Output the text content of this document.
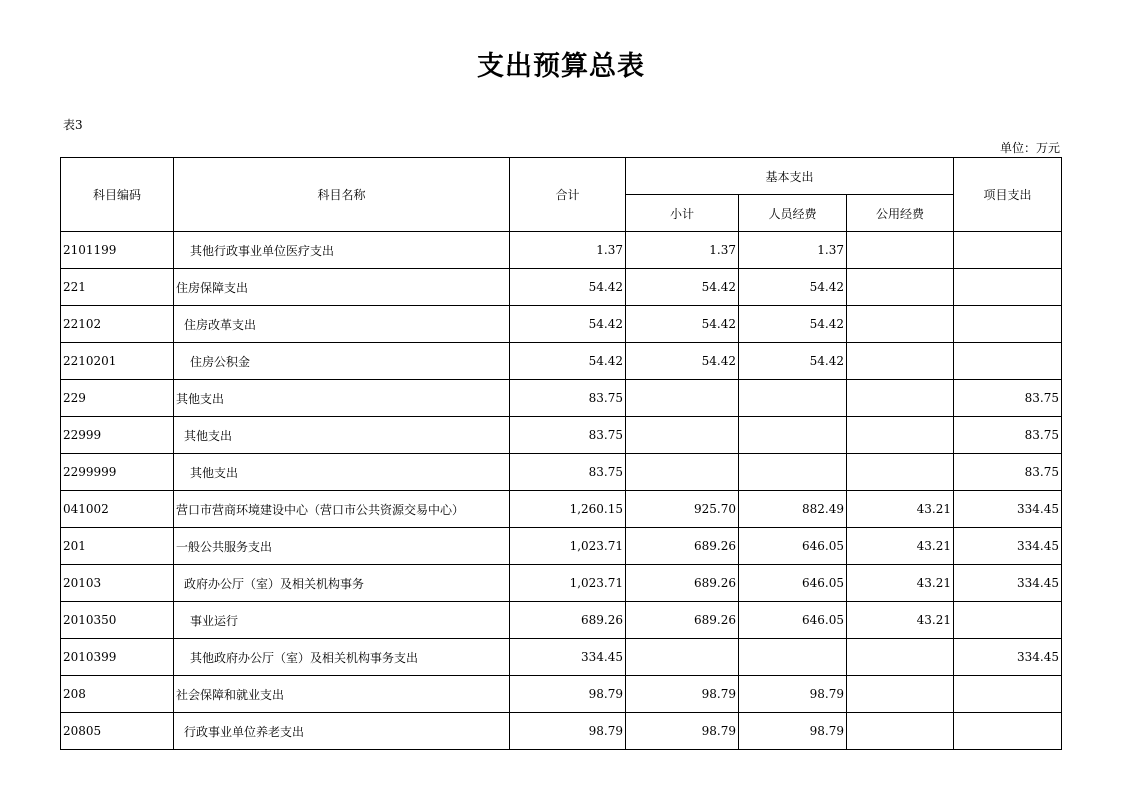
支出预算总表
表3
单位：万元
科目编码	科目名称	合计	基本支出			项目支出
			小计	人员经费	公用经费	
2101199	其他行政事业单位医疗支出	1.37	1.37	1.37		
221	住房保障支出	54.42	54.42	54.42		
22102	住房改革支出	54.42	54.42	54.42		
2210201	住房公积金	54.42	54.42	54.42		
229	其他支出	83.75				83.75
22999	其他支出	83.75				83.75
2299999	其他支出	83.75				83.75
041002	营口市营商环境建设中心（营口市公共资源交易中心）	1,260.15	925.70	882.49	43.21	334.45
201	一般公共服务支出	1,023.71	689.26	646.05	43.21	334.45
20103	政府办公厅（室）及相关机构事务	1,023.71	689.26	646.05	43.21	334.45
2010350	事业运行	689.26	689.26	646.05	43.21	
2010399	其他政府办公厅（室）及相关机构事务支出	334.45				334.45
208	社会保障和就业支出	98.79	98.79	98.79		
20805	行政事业单位养老支出	98.79	98.79	98.79		
